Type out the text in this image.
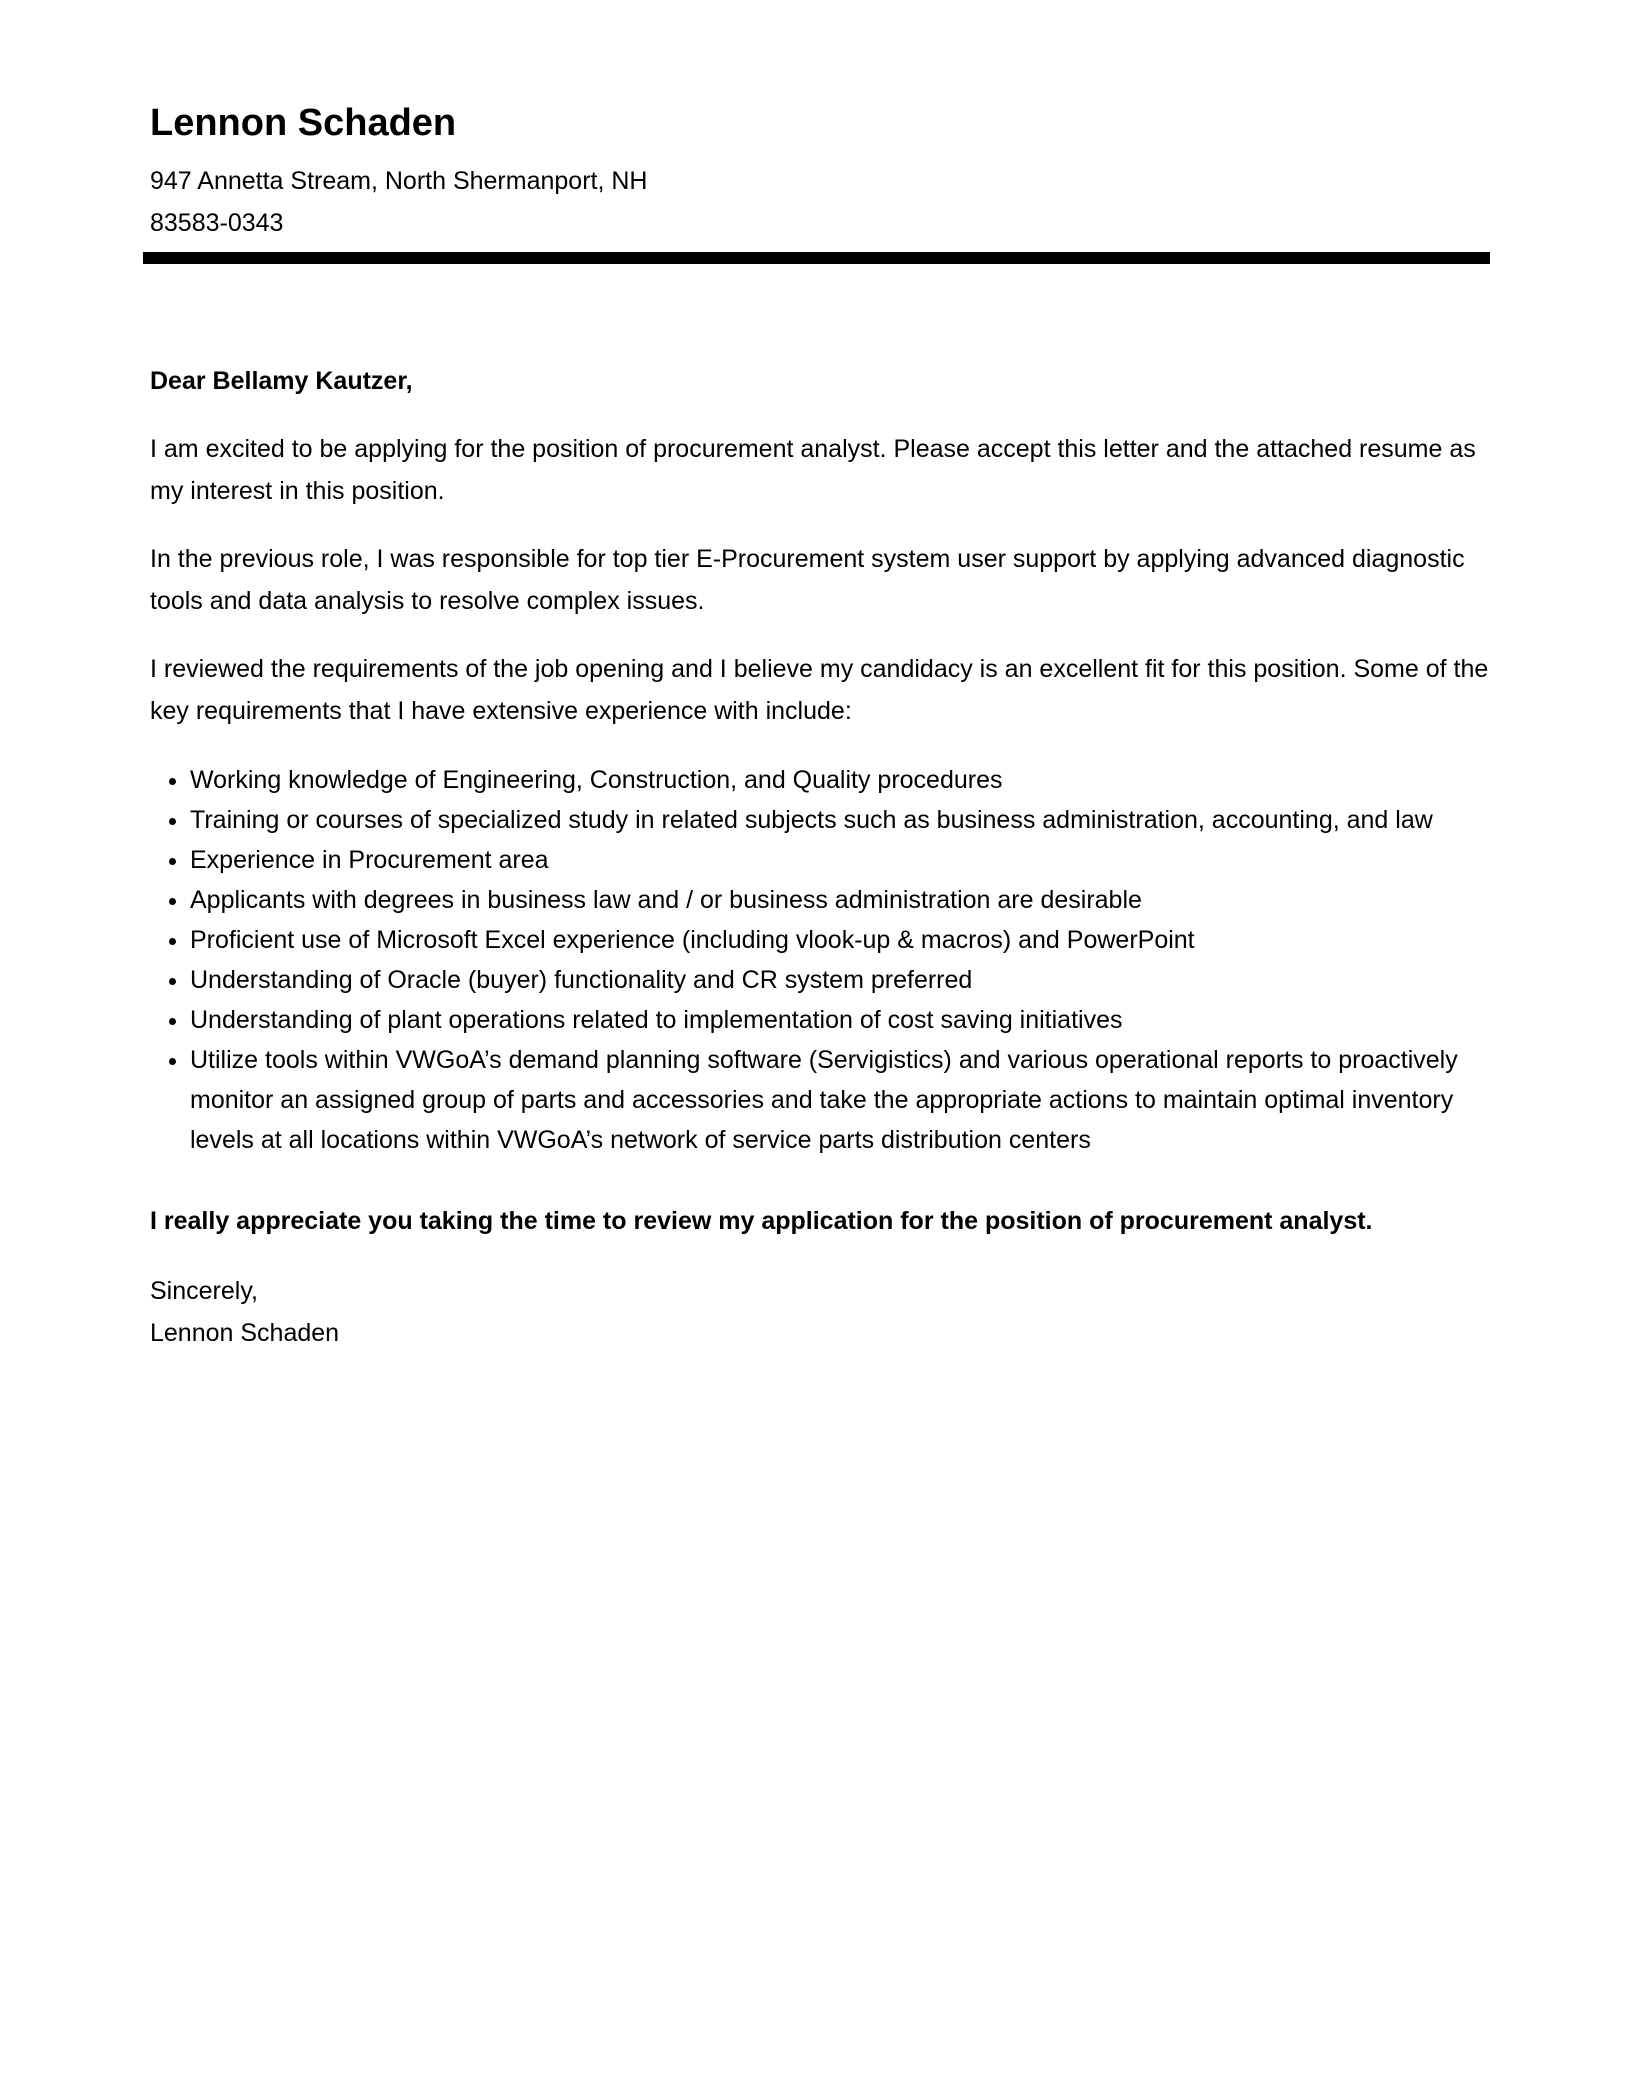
Lennon Schaden
947 Annetta Stream, North Shermanport, NH
83583-0343
Dear Bellamy Kautzer,
I am excited to be applying for the position of procurement analyst. Please accept this letter and the attached resume as my interest in this position.
In the previous role, I was responsible for top tier E-Procurement system user support by applying advanced diagnostic tools and data analysis to resolve complex issues.
I reviewed the requirements of the job opening and I believe my candidacy is an excellent fit for this position. Some of the key requirements that I have extensive experience with include:
• Working knowledge of Engineering, Construction, and Quality procedures
• Training or courses of specialized study in related subjects such as business administration, accounting, and law
• Experience in Procurement area
• Applicants with degrees in business law and / or business administration are desirable
• Proficient use of Microsoft Excel experience (including vlook-up & macros) and PowerPoint
• Understanding of Oracle (buyer) functionality and CR system preferred
• Understanding of plant operations related to implementation of cost saving initiatives
• Utilize tools within VWGoA’s demand planning software (Servigistics) and various operational reports to proactively monitor an assigned group of parts and accessories and take the appropriate actions to maintain optimal inventory levels at all locations within VWGoA’s network of service parts distribution centers
I really appreciate you taking the time to review my application for the position of procurement analyst.
Sincerely,
Lennon Schaden
